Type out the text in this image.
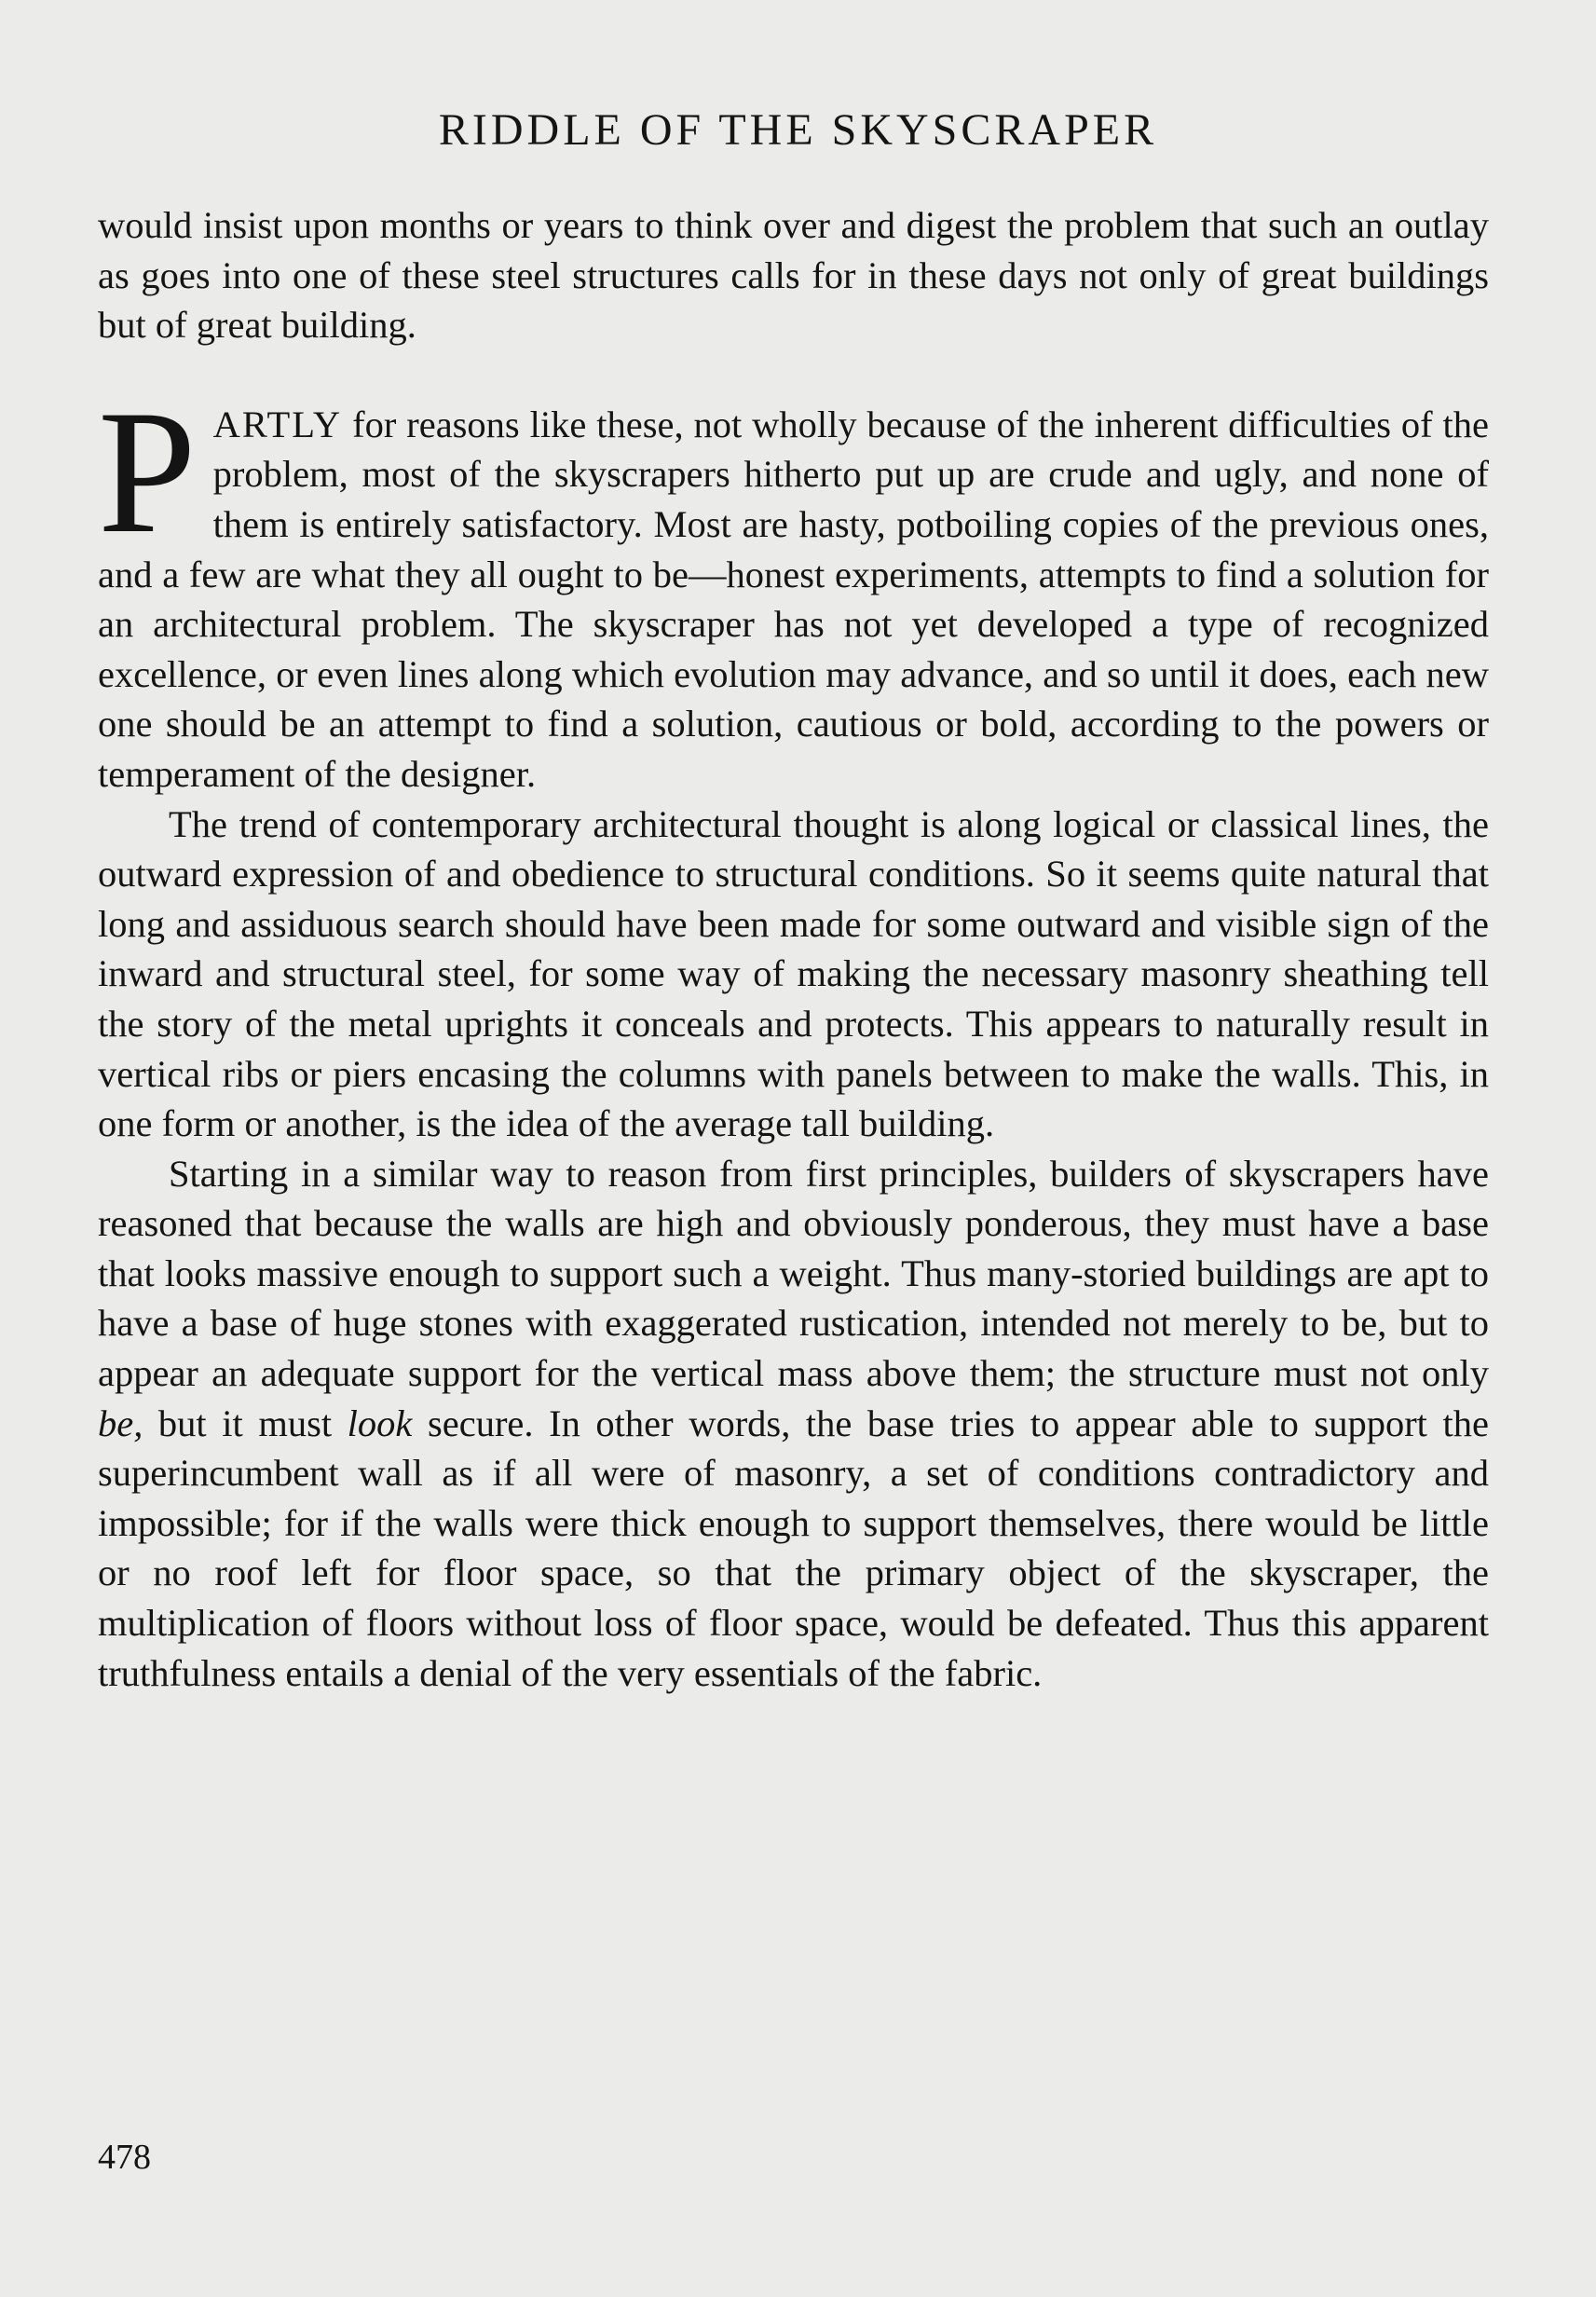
RIDDLE OF THE SKYSCRAPER

would insist upon months or years to think over and digest the problem that such an outlay as goes into one of these steel structures calls for in these days not only of great buildings but of great building.

PARTLY for reasons like these, not wholly because of the inherent difficulties of the problem, most of the skyscrapers hitherto put up are crude and ugly, and none of them is entirely satisfactory. Most are hasty, potboiling copies of the previous ones, and a few are what they all ought to be—honest experiments, attempts to find a solution for an architectural problem. The skyscraper has not yet developed a type of recognized excellence, or even lines along which evolution may advance, and so until it does, each new one should be an attempt to find a solution, cautious or bold, according to the powers or temperament of the designer.

The trend of contemporary architectural thought is along logical or classical lines, the outward expression of and obedience to structural conditions. So it seems quite natural that long and assiduous search should have been made for some outward and visible sign of the inward and structural steel, for some way of making the necessary masonry sheathing tell the story of the metal uprights it conceals and protects. This appears to naturally result in vertical ribs or piers encasing the columns with panels between to make the walls. This, in one form or another, is the idea of the average tall building.

Starting in a similar way to reason from first principles, builders of skyscrapers have reasoned that because the walls are high and obviously ponderous, they must have a base that looks massive enough to support such a weight. Thus many-storied buildings are apt to have a base of huge stones with exaggerated rustication, intended not merely to be, but to appear an adequate support for the vertical mass above them; the structure must not only be, but it must look secure. In other words, the base tries to appear able to support the superincumbent wall as if all were of masonry, a set of conditions contradictory and impossible; for if the walls were thick enough to support themselves, there would be little or no roof left for floor space, so that the primary object of the skyscraper, the multiplication of floors without loss of floor space, would be defeated. Thus this apparent truthfulness entails a denial of the very essentials of the fabric.

478
